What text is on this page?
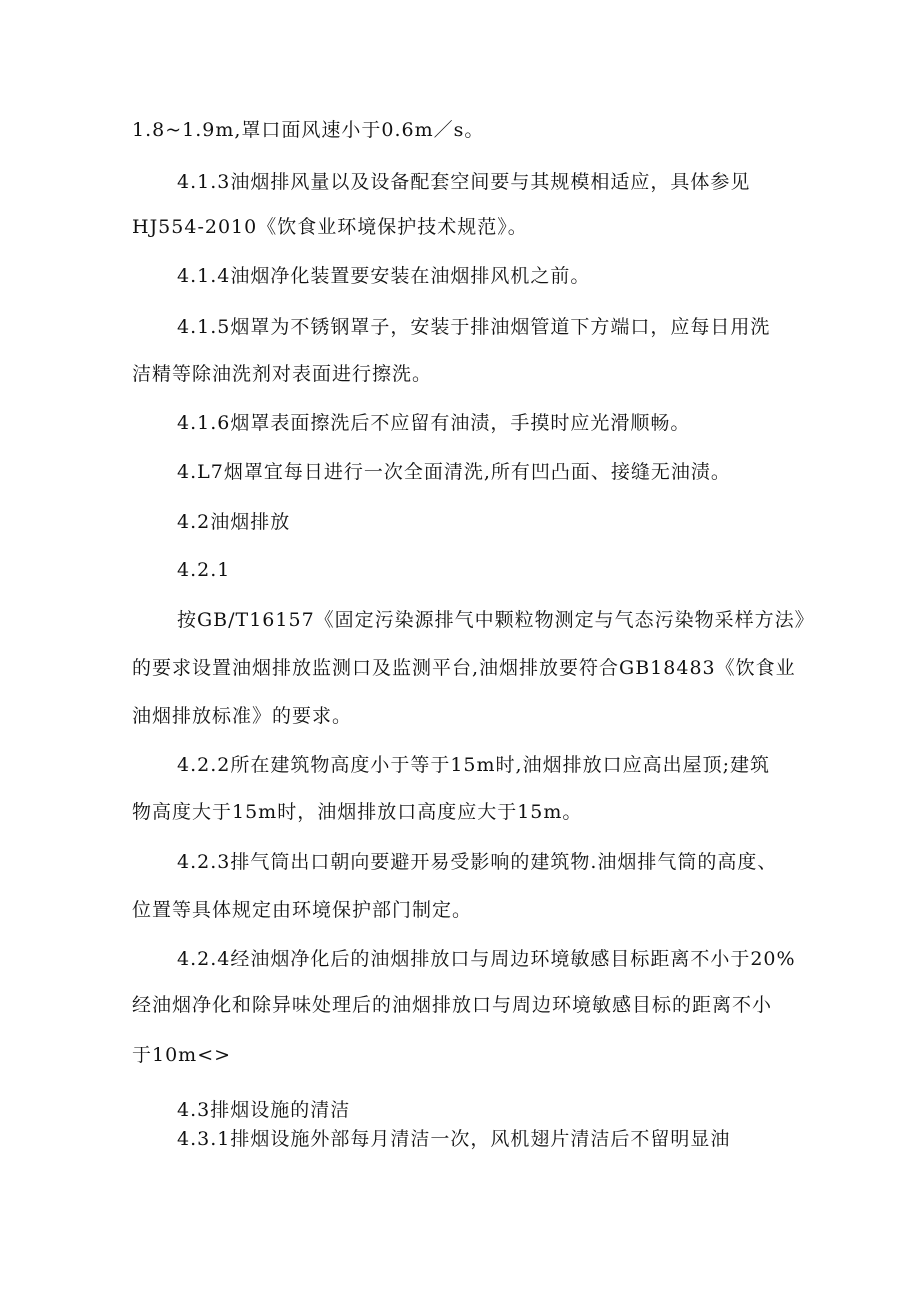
1.8~1.9m,罩口面风速小于0.6m／s。
4.1.3油烟排风量以及设备配套空间要与其规模相适应，具体参见
HJ554-2010《饮食业环境保护技术规范》。
4.1.4油烟净化装置要安装在油烟排风机之前。
4.1.5烟罩为不锈钢罩子，安装于排油烟管道下方端口，应每日用洗
洁精等除油洗剂对表面进行擦洗。
4.1.6烟罩表面擦洗后不应留有油渍，手摸时应光滑顺畅。
4.L7烟罩宜每日进行一次全面清洗,所有凹凸面、接缝无油渍。
4.2油烟排放
4.2.1
按GB/T16157《固定污染源排气中颗粒物测定与气态污染物采样方法》
的要求设置油烟排放监测口及监测平台,油烟排放要符合GB18483《饮食业
油烟排放标准》的要求。
4.2.2所在建筑物高度小于等于15m时,油烟排放口应高出屋顶;建筑
物高度大于15m时，油烟排放口高度应大于15m。
4.2.3排气筒出口朝向要避开易受影响的建筑物.油烟排气筒的高度、
位置等具体规定由环境保护部门制定。
4.2.4经油烟净化后的油烟排放口与周边环境敏感目标距离不小于20%
经油烟净化和除异味处理后的油烟排放口与周边环境敏感目标的距离不小
于10m<>
4.3排烟设施的清洁
4.3.1排烟设施外部每月清洁一次，风机翅片清洁后不留明显油
